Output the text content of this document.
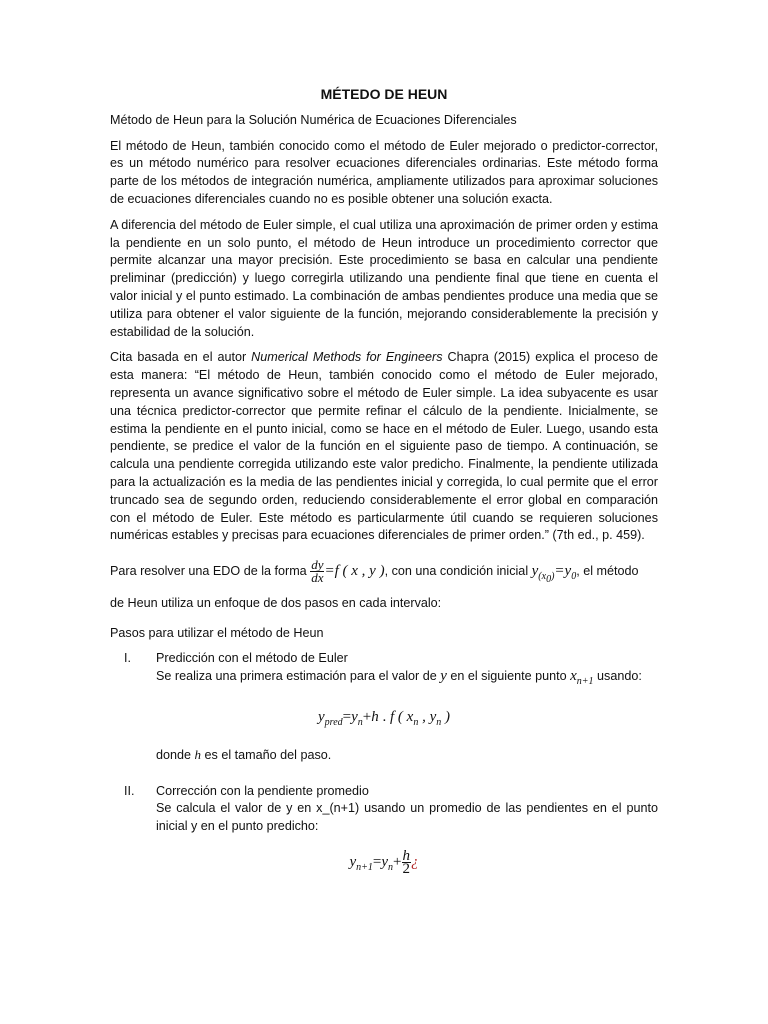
MÉTEDO DE HEUN

Método de Heun para la Solución Numérica de Ecuaciones Diferenciales

El método de Heun, también conocido como el método de Euler mejorado o predictor-corrector, es un método numérico para resolver ecuaciones diferenciales ordinarias. Este método forma parte de los métodos de integración numérica, ampliamente utilizados para aproximar soluciones de ecuaciones diferenciales cuando no es posible obtener una solución exacta.

A diferencia del método de Euler simple, el cual utiliza una aproximación de primer orden y estima la pendiente en un solo punto, el método de Heun introduce un procedimiento corrector que permite alcanzar una mayor precisión. Este procedimiento se basa en calcular una pendiente preliminar (predicción) y luego corregirla utilizando una pendiente final que tiene en cuenta el valor inicial y el punto estimado. La combinación de ambas pendientes produce una media que se utiliza para obtener el valor siguiente de la función, mejorando considerablemente la precisión y estabilidad de la solución.

Cita basada en el autor Numerical Methods for Engineers Chapra (2015) explica el proceso de esta manera: “El método de Heun, también conocido como el método de Euler mejorado, representa un avance significativo sobre el método de Euler simple. La idea subyacente es usar una técnica predictor-corrector que permite refinar el cálculo de la pendiente. Inicialmente, se estima la pendiente en el punto inicial, como se hace en el método de Euler. Luego, usando esta pendiente, se predice el valor de la función en el siguiente paso de tiempo. A continuación, se calcula una pendiente corregida utilizando este valor predicho. Finalmente, la pendiente utilizada para la actualización es la media de las pendientes inicial y corregida, lo cual permite que el error truncado sea de segundo orden, reduciendo considerablemente el error global en comparación con el método de Euler. Este método es particularmente útil cuando se requieren soluciones numéricas estables y precisas para ecuaciones diferenciales de primer orden.” (7th ed., p. 459).

Para resolver una EDO de la forma $\frac{dy}{dx} =f$ ( x , y ), con una condición inicial $y_{(x_0)}=y_0$, el método

de Heun utiliza un enfoque de dos pasos en cada intervalo:

Pasos para utilizar el método de Heun

I.	Predicción con el método de Euler
Se realiza una primera estimación para el valor de y en el siguiente punto $x_{n+1}$ usando:
$y_{pred}=y_n+h$ . f ( $x_n$ , $y_n$ )
donde h es el tamaño del paso.
II.	Corrección con la pendiente promedio
Se calcula el valor de y en x_(n+1) usando un promedio de las pendientes en el punto inicial y en el punto predicho:
$y_{n+1}=y_n+ \frac{h}{2}$ ¿
